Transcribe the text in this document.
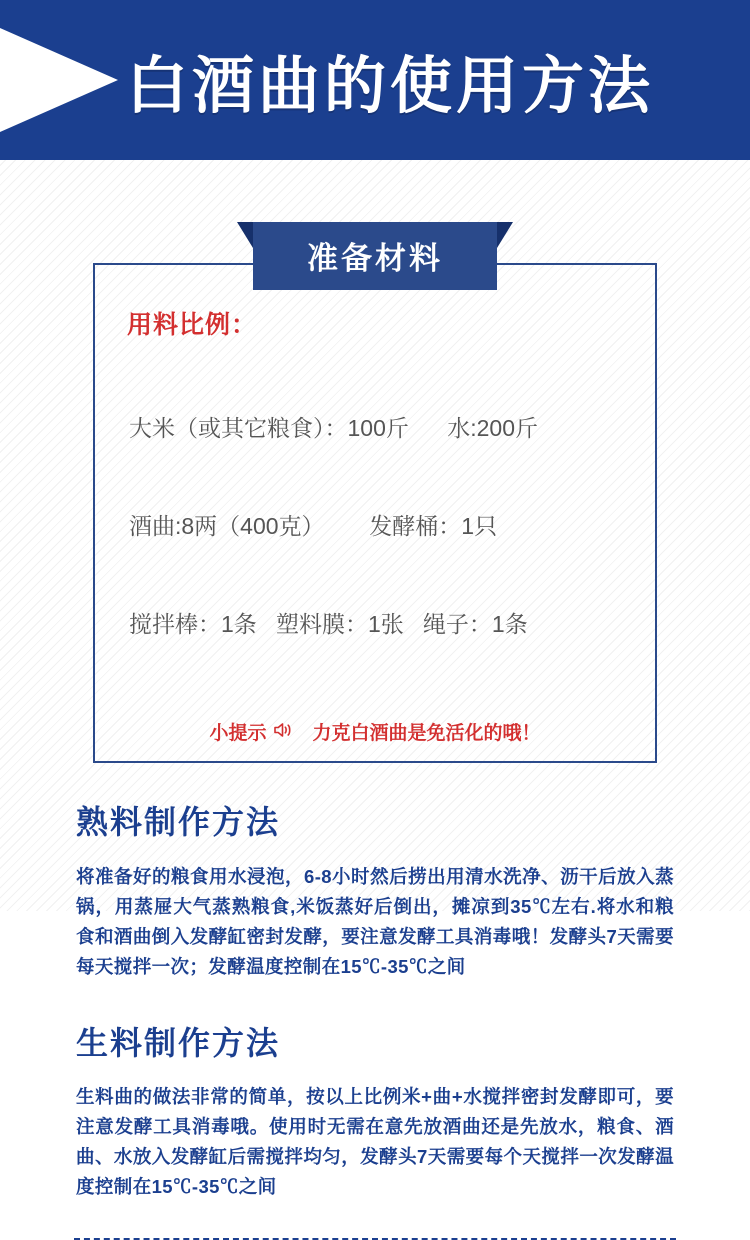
白酒曲的使用方法
准备材料
用料比例：

大米（或其它粮食）：100斤      水:200斤

酒曲:8两（400克）       发酵桶：1只

搅拌棒：1条   塑料膜：1张   绳子：1条

小提示 力克白酒曲是免活化的哦！
熟料制作方法

将准备好的粮食用水浸泡，6-8小时然后捞出用清水洗净、沥干后放入蒸锅，用蒸屉大气蒸熟粮食,米饭蒸好后倒出，摊凉到35℃左右.将水和粮食和酒曲倒入发酵缸密封发酵，要注意发酵工具消毒哦！发酵头7天需要每天搅拌一次；发酵温度控制在15℃-35℃之间

生料制作方法

生料曲的做法非常的简单，按以上比例米+曲+水搅拌密封发酵即可，要注意发酵工具消毒哦。使用时无需在意先放酒曲还是先放水，粮食、酒曲、水放入发酵缸后需搅拌均匀，发酵头7天需要每个天搅拌一次发酵温度控制在15℃-35℃之间
